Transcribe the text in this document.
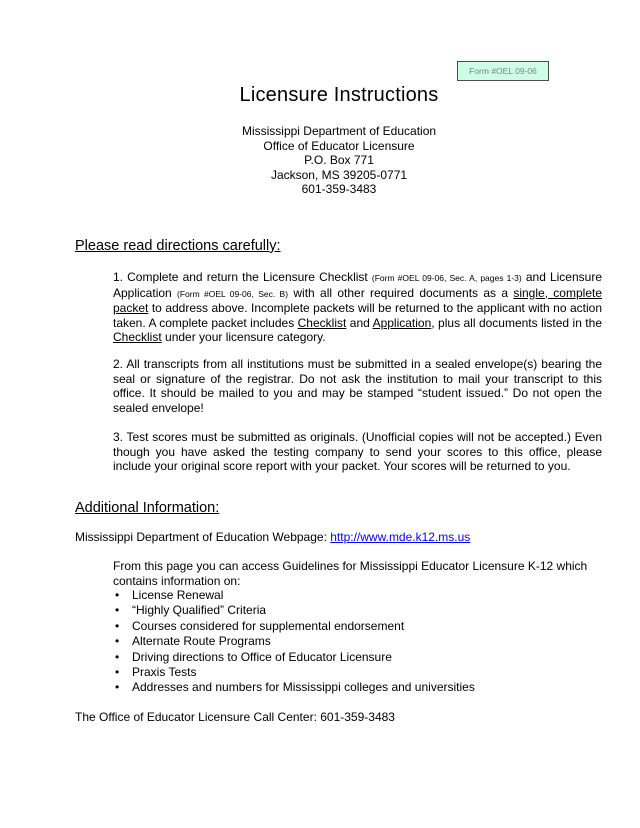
Form #OEL 09-06
Licensure Instructions
Mississippi Department of Education
Office of Educator Licensure
P.O. Box 771
Jackson, MS 39205-0771
601-359-3483
Please read directions carefully:
1. Complete and return the Licensure Checklist (Form #OEL 09-06, Sec. A, pages 1-3) and Licensure Application (Form #OEL 09-06, Sec. B) with all other required documents as a single, complete packet to address above. Incomplete packets will be returned to the applicant with no action taken. A complete packet includes Checklist and Application, plus all documents listed in the Checklist under your licensure category.
2. All transcripts from all institutions must be submitted in a sealed envelope(s) bearing the seal or signature of the registrar. Do not ask the institution to mail your transcript to this office. It should be mailed to you and may be stamped “student issued.” Do not open the sealed envelope!
3. Test scores must be submitted as originals. (Unofficial copies will not be accepted.) Even though you have asked the testing company to send your scores to this office, please include your original score report with your packet. Your scores will be returned to you.
Additional Information:
Mississippi Department of Education Webpage: http://www.mde.k12.ms.us
From this page you can access Guidelines for Mississippi Educator Licensure K-12 which contains information on:
• License Renewal
• “Highly Qualified” Criteria
• Courses considered for supplemental endorsement
• Alternate Route Programs
• Driving directions to Office of Educator Licensure
• Praxis Tests
• Addresses and numbers for Mississippi colleges and universities
The Office of Educator Licensure Call Center: 601-359-3483
